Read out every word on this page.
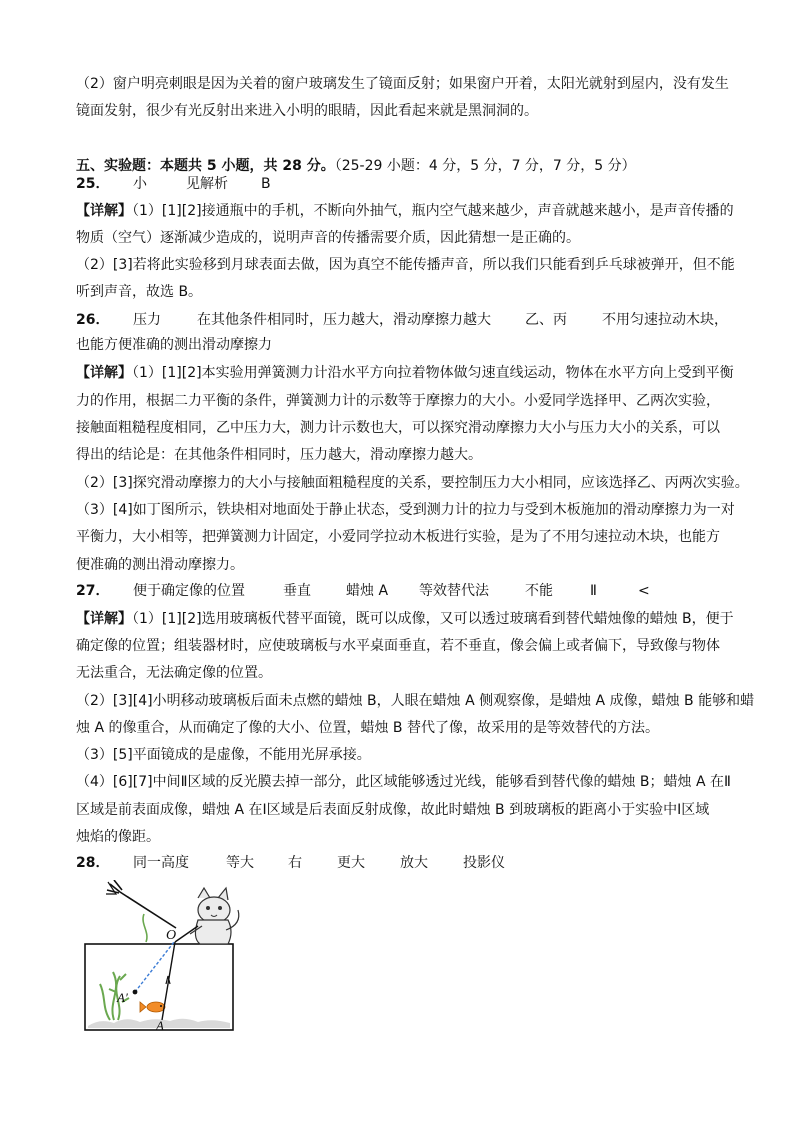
（2）窗户明亮刺眼是因为关着的窗户玻璃发生了镜面反射；如果窗户开着，太阳光就射到屋内，没有发生
镜面发射，很少有光反射出来进入小明的眼睛，因此看起来就是黑洞洞的。
五、实验题：本题共 5 小题，共 28 分。（25-29 小题：4 分，5 分，7 分，7 分，5 分）
25． 小	见解析 B
【详解】（1）[1][2]接通瓶中的手机，不断向外抽气，瓶内空气越来越少，声音就越来越小，是声音传播的
物质（空气）逐渐减少造成的，说明声音的传播需要介质，因此猜想一是正确的。
（2）[3]若将此实验移到月球表面去做，因为真空不能传播声音，所以我们只能看到乒乓球被弹开，但不能
听到声音，故选 B。
26． 压力	在其他条件相同时，压力越大，滑动摩擦力越大 乙、丙	不用匀速拉动木块，
也能方便准确的测出滑动摩擦力
【详解】（1）[1][2]本实验用弹簧测力计沿水平方向拉着物体做匀速直线运动，物体在水平方向上受到平衡
力的作用，根据二力平衡的条件，弹簧测力计的示数等于摩擦力的大小。小爱同学选择甲、乙两次实验，
接触面粗糙程度相同，乙中压力大，测力计示数也大，可以探究滑动摩擦力大小与压力大小的关系，可以
得出的结论是：在其他条件相同时，压力越大，滑动摩擦力越大。
（2）[3]探究滑动摩擦力的大小与接触面粗糙程度的关系，要控制压力大小相同，应该选择乙、丙两次实验。
（3）[4]如丁图所示，铁块相对地面处于静止状态，受到测力计的拉力与受到木板施加的滑动摩擦力为一对
平衡力，大小相等，把弹簧测力计固定，小爱同学拉动木板进行实验，是为了不用匀速拉动木块，也能方
便准确的测出滑动摩擦力。
27． 便于确定像的位置	垂直	蜡烛 A 等效替代法	不能	Ⅱ	<
【详解】（1）[1][2]选用玻璃板代替平面镜，既可以成像，又可以透过玻璃看到替代蜡烛像的蜡烛 B，便于
确定像的位置；组装器材时，应使玻璃板与水平桌面垂直，若不垂直，像会偏上或者偏下，导致像与物体
无法重合，无法确定像的位置。
（2）[3][4]小明移动玻璃板后面未点燃的蜡烛 B，人眼在蜡烛 A 侧观察像，是蜡烛 A 成像，蜡烛 B 能够和蜡
烛 A 的像重合，从而确定了像的大小、位置，蜡烛 B 替代了像，故采用的是等效替代的方法。
（3）[5]平面镜成的是虚像，不能用光屏承接。
（4）[6][7]中间Ⅱ区域的反光膜去掉一部分，此区域能够透过光线，能够看到替代像的蜡烛 B；蜡烛 A 在Ⅱ
区域是前表面成像，蜡烛 A 在Ⅰ区域是后表面反射成像，故此时蜡烛 B 到玻璃板的距离小于实验中Ⅰ区域
烛焰的像距。
28． 同一高度	等大 右	更大	放大	投影仪
O
A′
A
